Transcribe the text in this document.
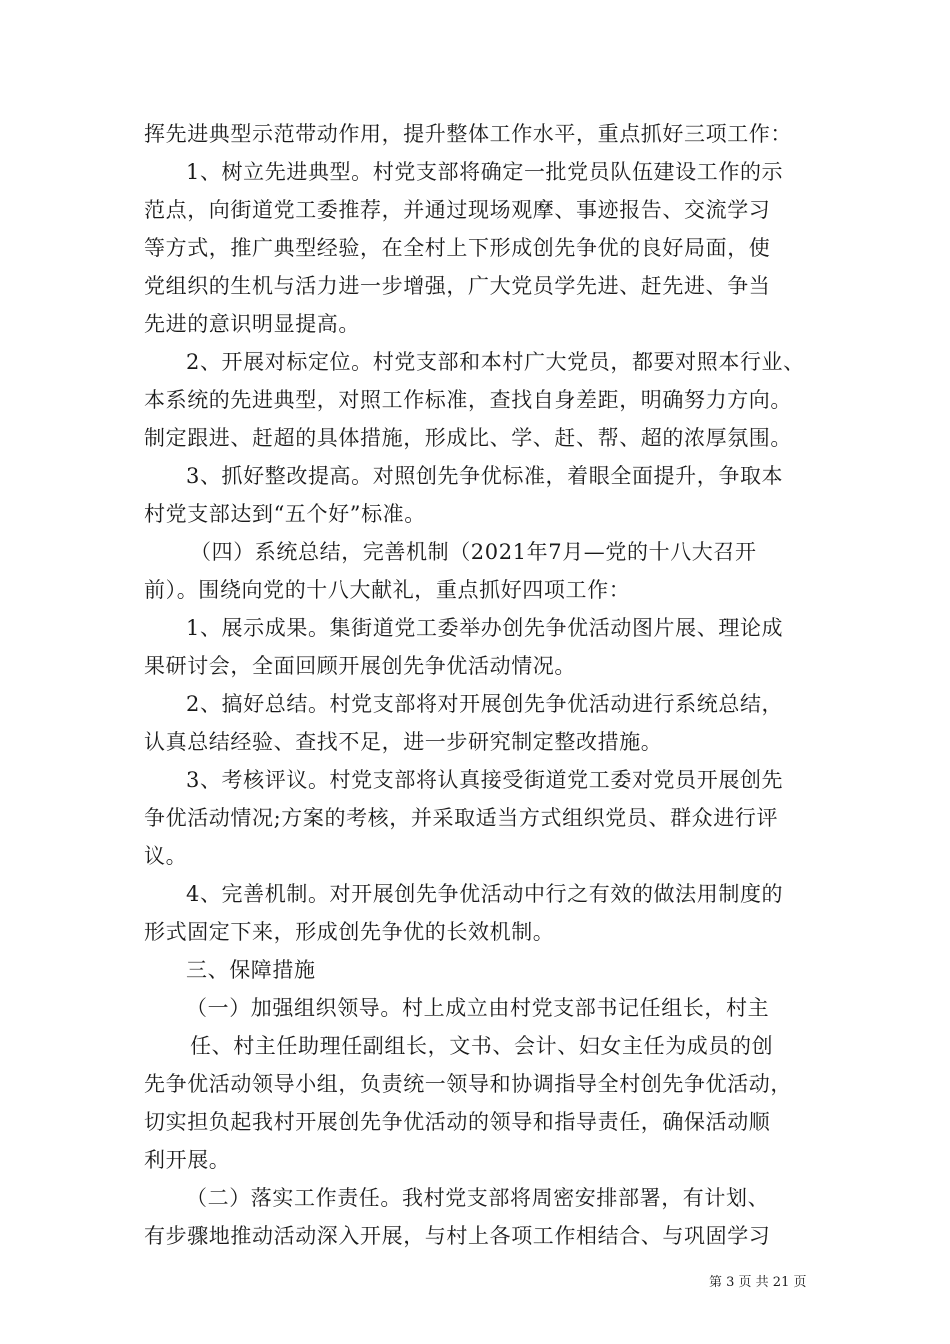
挥先进典型示范带动作用，提升整体工作水平，重点抓好三项工作：
1、树立先进典型。村党支部将确定一批党员队伍建设工作的示
范点，向街道党工委推荐，并通过现场观摩、事迹报告、交流学习
等方式，推广典型经验，在全村上下形成创先争优的良好局面，使
党组织的生机与活力进一步增强，广大党员学先进、赶先进、争当
先进的意识明显提高。
2、开展对标定位。村党支部和本村广大党员，都要对照本行业、
本系统的先进典型，对照工作标准，查找自身差距，明确努力方向。
制定跟进、赶超的具体措施，形成比、学、赶、帮、超的浓厚氛围。
3、抓好整改提高。对照创先争优标准，着眼全面提升，争取本
村党支部达到“五个好”标准。
（四）系统总结，完善机制（2021年7月—党的十八大召开
前）。围绕向党的十八大献礼，重点抓好四项工作：
1、展示成果。集街道党工委举办创先争优活动图片展、理论成
果研讨会，全面回顾开展创先争优活动情况。
2、搞好总结。村党支部将对开展创先争优活动进行系统总结，
认真总结经验、查找不足，进一步研究制定整改措施。
3、考核评议。村党支部将认真接受街道党工委对党员开展创先
争优活动情况;方案的考核，并采取适当方式组织党员、群众进行评
议。
4、完善机制。对开展创先争优活动中行之有效的做法用制度的
形式固定下来，形成创先争优的长效机制。
三、保障措施
（一）加强组织领导。村上成立由村党支部书记任组长，村主
任、村主任助理任副组长，文书、会计、妇女主任为成员的创
先争优活动领导小组，负责统一领导和协调指导全村创先争优活动，
切实担负起我村开展创先争优活动的领导和指导责任，确保活动顺
利开展。
（二）落实工作责任。我村党支部将周密安排部署，有计划、
有步骤地推动活动深入开展，与村上各项工作相结合、与巩固学习
第 3 页 共 21 页
